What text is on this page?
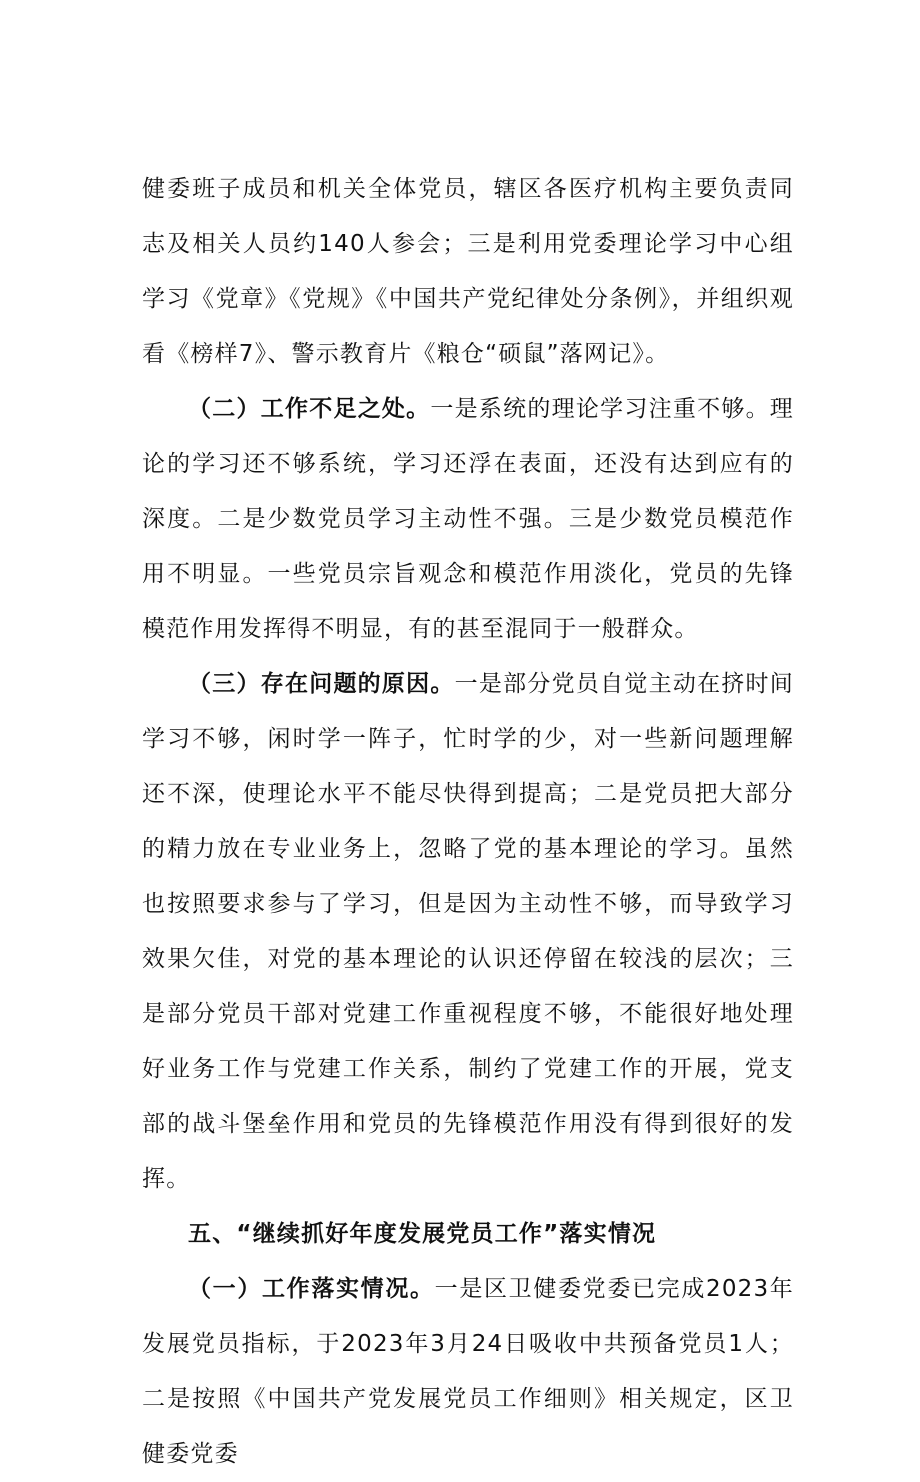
健委班子成员和机关全体党员，辖区各医疗机构主要负责同志及相关人员约140人参会；三是利用党委理论学习中心组学习《党章》《党规》《中国共产党纪律处分条例》，并组织观看《榜样7》、警示教育片《粮仓“硕鼠”落网记》。

（二）工作不足之处。一是系统的理论学习注重不够。理论的学习还不够系统，学习还浮在表面，还没有达到应有的深度。二是少数党员学习主动性不强。三是少数党员模范作用不明显。一些党员宗旨观念和模范作用淡化，党员的先锋模范作用发挥得不明显，有的甚至混同于一般群众。

（三）存在问题的原因。一是部分党员自觉主动在挤时间学习不够，闲时学一阵子，忙时学的少，对一些新问题理解还不深，使理论水平不能尽快得到提高；二是党员把大部分的精力放在专业业务上，忽略了党的基本理论的学习。虽然也按照要求参与了学习，但是因为主动性不够，而导致学习效果欠佳，对党的基本理论的认识还停留在较浅的层次；三是部分党员干部对党建工作重视程度不够，不能很好地处理好业务工作与党建工作关系，制约了党建工作的开展，党支部的战斗堡垒作用和党员的先锋模范作用没有得到很好的发挥。

五、“继续抓好年度发展党员工作”落实情况

（一）工作落实情况。一是区卫健委党委已完成2023年发展党员指标，于2023年3月24日吸收中共预备党员1人；二是按照《中国共产党发展党员工作细则》相关规定，区卫健委党委
